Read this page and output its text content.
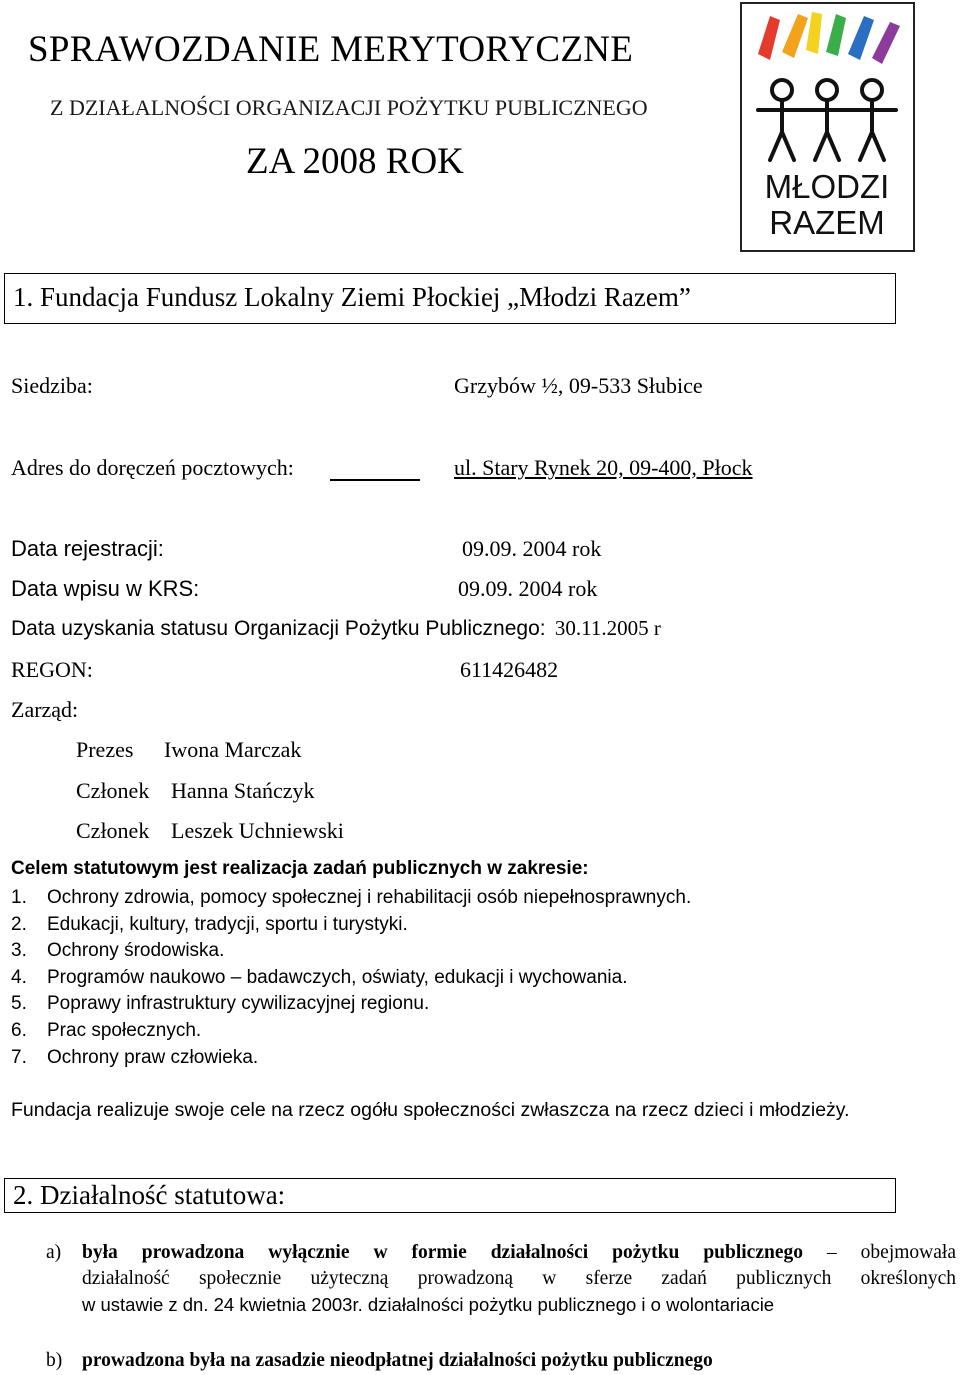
SPRAWOZDANIE MERYTORYCZNE
Z DZIAŁALNOŚCI ORGANIZACJI POŻYTKU PUBLICZNEGO
ZA 2008 ROK
MŁODZI
RAZEM
1. Fundacja Fundusz Lokalny Ziemi Płockiej „Młodzi Razem”
Siedziba:	Grzybów ½, 09-533 Słubice
Adres do doręczeń pocztowych:	ul. Stary Rynek 20, 09-400, Płock
Data rejestracji:	09.09. 2004 rok
Data wpisu w KRS:	09.09. 2004 rok
Data uzyskania statusu Organizacji Pożytku Publicznego: 30.11.2005 r
REGON:	611426482
Zarząd:
Prezes Iwona Marczak
Członek Hanna Stańczyk
Członek Leszek Uchniewski
Celem statutowym jest realizacja zadań publicznych w zakresie:
1.	Ochrony zdrowia, pomocy społecznej i rehabilitacji osób niepełnosprawnych.
2.	Edukacji, kultury, tradycji, sportu i turystyki.
3.	Ochrony środowiska.
4.	Programów naukowo – badawczych, oświaty, edukacji i wychowania.
5.	Poprawy infrastruktury cywilizacyjnej regionu.
6.	Prac społecznych.
7.	Ochrony praw człowieka.
Fundacja realizuje swoje cele na rzecz ogółu społeczności zwłaszcza na rzecz dzieci i młodzieży.
2. Działalność statutowa:
a) była prowadzona wyłącznie w formie działalności pożytku publicznego – obejmowała
działalność społecznie użyteczną prowadzoną w sferze zadań publicznych określonych
w ustawie z dn. 24 kwietnia 2003r. działalności pożytku publicznego i o wolontariacie
b) prowadzona była na zasadzie nieodpłatnej działalności pożytku publicznego
